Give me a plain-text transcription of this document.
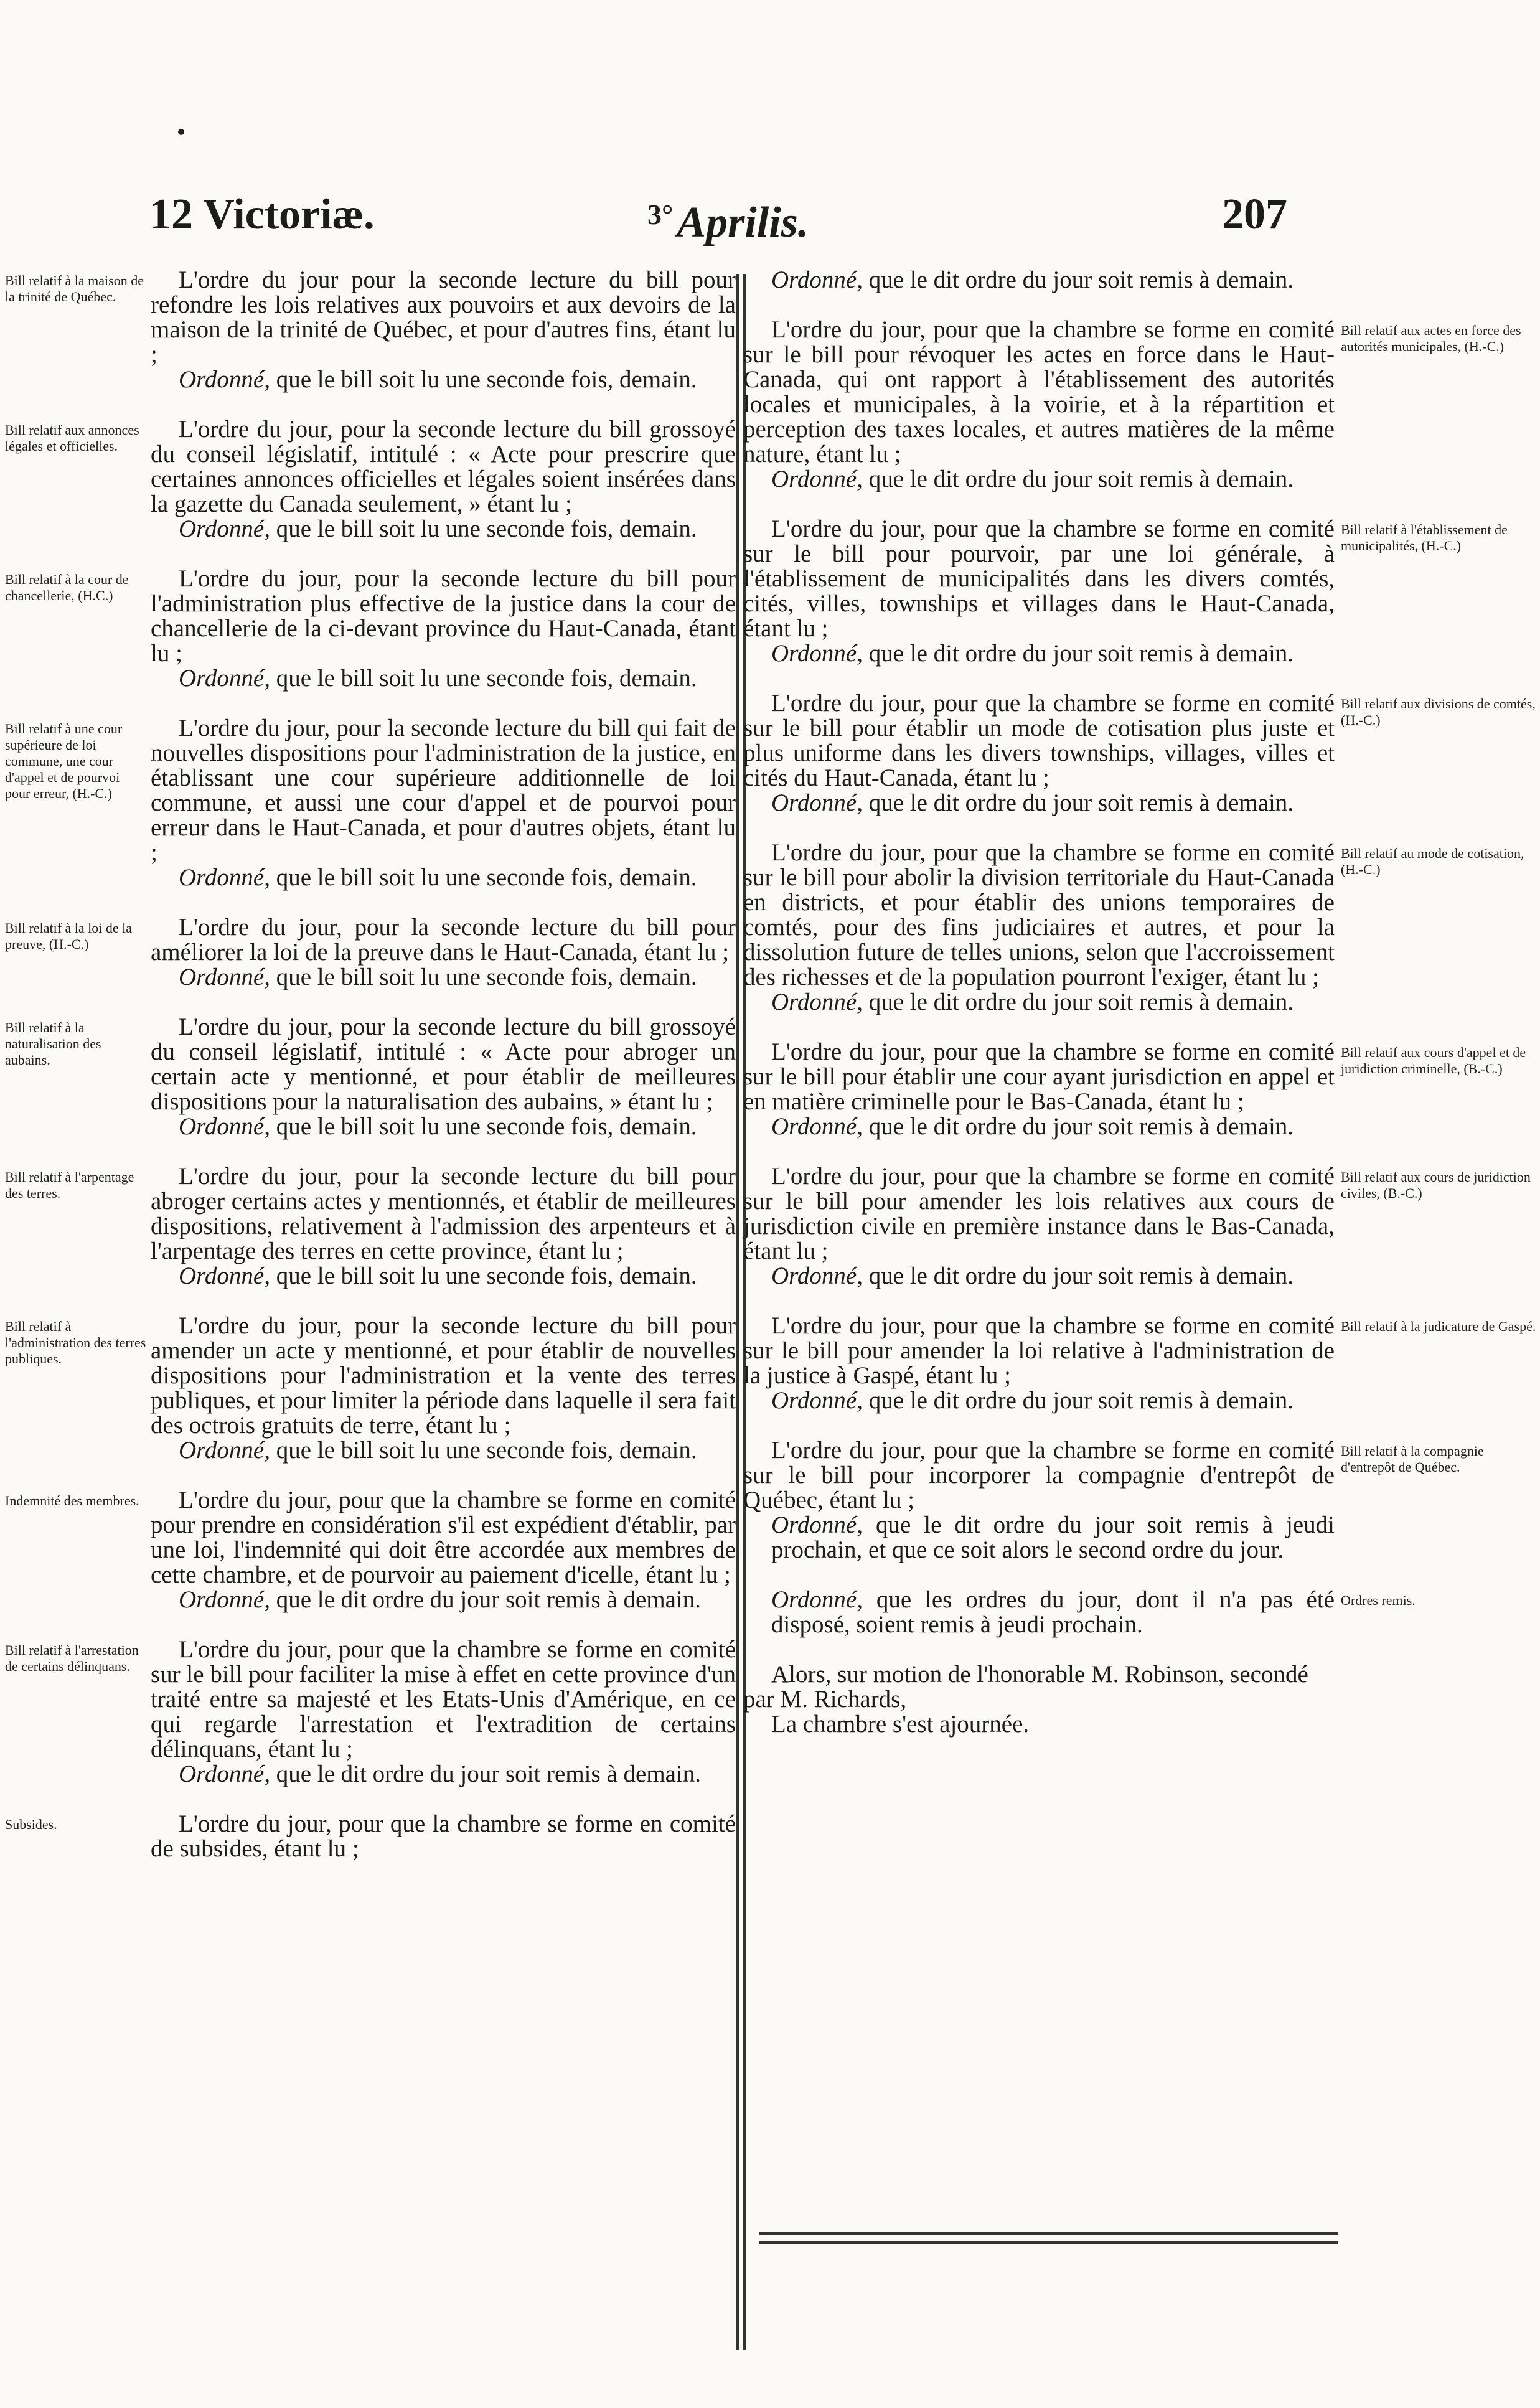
12 Victoriæ.	$^{3^\circ}$Aprilis.	207
Bill relatif à la maison de la trinité de Québec.
Bill relatif aux annonces légales et officielles.
Bill relatif à la cour de chancellerie, (H.C.)
Bill relatif à une cour supérieure de loi commune, une cour d'appel et de pourvoi pour erreur, (H.-C.)
Bill relatif à la loi de la preuve, (H.-C.)
Bill relatif à la naturalisation des aubains.
Bill relatif à l'arpentage des terres.
Bill relatif à l'administration des terres publiques.
Indemnité des membres.
Bill relatif à l'arrestation de certains délinquans.
Subsides.

L'ordre du jour pour la seconde lecture du bill pour refondre les lois relatives aux pouvoirs et aux devoirs de la maison de la trinité de Québec, et pour d'autres fins, étant lu ;

Ordonné, que le bill soit lu une seconde fois, demain.

L'ordre du jour, pour la seconde lecture du bill grossoyé du conseil législatif, intitulé : « Acte pour prescrire que certaines annonces officielles et légales soient insérées dans la gazette du Canada seulement, » étant lu ;

Ordonné, que le bill soit lu une seconde fois, demain.

L'ordre du jour, pour la seconde lecture du bill pour l'administration plus effective de la justice dans la cour de chancellerie de la ci-devant province du Haut-Canada, étant lu ;

Ordonné, que le bill soit lu une seconde fois, demain.

L'ordre du jour, pour la seconde lecture du bill qui fait de nouvelles dispositions pour l'administration de la justice, en établissant une cour supérieure additionnelle de loi commune, et aussi une cour d'appel et de pourvoi pour erreur dans le Haut-Canada, et pour d'autres objets, étant lu ;

Ordonné, que le bill soit lu une seconde fois, demain.

L'ordre du jour, pour la seconde lecture du bill pour améliorer la loi de la preuve dans le Haut-Canada, étant lu ;

Ordonné, que le bill soit lu une seconde fois, demain.

L'ordre du jour, pour la seconde lecture du bill grossoyé du conseil législatif, intitulé : « Acte pour abroger un certain acte y mentionné, et pour établir de meilleures dispositions pour la naturalisation des aubains, » étant lu ;

Ordonné, que le bill soit lu une seconde fois, demain.

L'ordre du jour, pour la seconde lecture du bill pour abroger certains actes y mentionnés, et établir de meilleures dispositions, relativement à l'admission des arpenteurs et à l'arpentage des terres en cette province, étant lu ;

Ordonné, que le bill soit lu une seconde fois, demain.

L'ordre du jour, pour la seconde lecture du bill pour amender un acte y mentionné, et pour établir de nouvelles dispositions pour l'administration et la vente des terres publiques, et pour limiter la période dans laquelle il sera fait des octrois gratuits de terre, étant lu ;

Ordonné, que le bill soit lu une seconde fois, demain.

L'ordre du jour, pour que la chambre se forme en comité pour prendre en considération s'il est expédient d'établir, par une loi, l'indemnité qui doit être accordée aux membres de cette chambre, et de pourvoir au paiement d'icelle, étant lu ;

Ordonné, que le dit ordre du jour soit remis à demain.

L'ordre du jour, pour que la chambre se forme en comité sur le bill pour faciliter la mise à effet en cette province d'un traité entre sa majesté et les Etats-Unis d'Amérique, en ce qui regarde l'arrestation et l'extradition de certains délinquans, étant lu ;

Ordonné, que le dit ordre du jour soit remis à demain.

L'ordre du jour, pour que la chambre se forme en comité de subsides, étant lu ;

Ordonné, que le dit ordre du jour soit remis à demain.

L'ordre du jour, pour que la chambre se forme en comité sur le bill pour révoquer les actes en force dans le Haut-Canada, qui ont rapport à l'établissement des autorités locales et municipales, à la voirie, et à la répartition et perception des taxes locales, et autres matières de la même nature, étant lu ;

Ordonné, que le dit ordre du jour soit remis à demain.

L'ordre du jour, pour que la chambre se forme en comité sur le bill pour pourvoir, par une loi générale, à l'établissement de municipalités dans les divers comtés, cités, villes, townships et villages dans le Haut-Canada, étant lu ;

Ordonné, que le dit ordre du jour soit remis à demain.

L'ordre du jour, pour que la chambre se forme en comité sur le bill pour établir un mode de cotisation plus juste et plus uniforme dans les divers townships, villages, villes et cités du Haut-Canada, étant lu ;

Ordonné, que le dit ordre du jour soit remis à demain.

L'ordre du jour, pour que la chambre se forme en comité sur le bill pour abolir la division territoriale du Haut-Canada en districts, et pour établir des unions temporaires de comtés, pour des fins judiciaires et autres, et pour la dissolution future de telles unions, selon que l'accroissement des richesses et de la population pourront l'exiger, étant lu ;

Ordonné, que le dit ordre du jour soit remis à demain.

L'ordre du jour, pour que la chambre se forme en comité sur le bill pour établir une cour ayant jurisdiction en appel et en matière criminelle pour le Bas-Canada, étant lu ;

Ordonné, que le dit ordre du jour soit remis à demain.

L'ordre du jour, pour que la chambre se forme en comité sur le bill pour amender les lois relatives aux cours de jurisdiction civile en première instance dans le Bas-Canada, étant lu ;

Ordonné, que le dit ordre du jour soit remis à demain.

L'ordre du jour, pour que la chambre se forme en comité sur le bill pour amender la loi relative à l'administration de la justice à Gaspé, étant lu ;

Ordonné, que le dit ordre du jour soit remis à demain.

L'ordre du jour, pour que la chambre se forme en comité sur le bill pour incorporer la compagnie d'entrepôt de Québec, étant lu ;

Ordonné, que le dit ordre du jour soit remis à jeudi prochain, et que ce soit alors le second ordre du jour.

Ordonné, que les ordres du jour, dont il n'a pas été disposé, soient remis à jeudi prochain.

Alors, sur motion de l'honorable M. Robinson, secondé par M. Richards,

La chambre s'est ajournée.

Bill relatif aux actes en force des autorités municipales, (H.-C.)
Bill relatif à l'établissement de municipalités, (H.-C.)
Bill relatif aux divisions de comtés, (H.-C.)
Bill relatif au mode de cotisation, (H.-C.)
Bill relatif aux cours d'appel et de juridiction criminelle, (B.-C.)
Bill relatif aux cours de juridiction civiles, (B.-C.)
Bill relatif à la judicature de Gaspé.
Bill relatif à la compagnie d'entrepôt de Québec.
Ordres remis.
